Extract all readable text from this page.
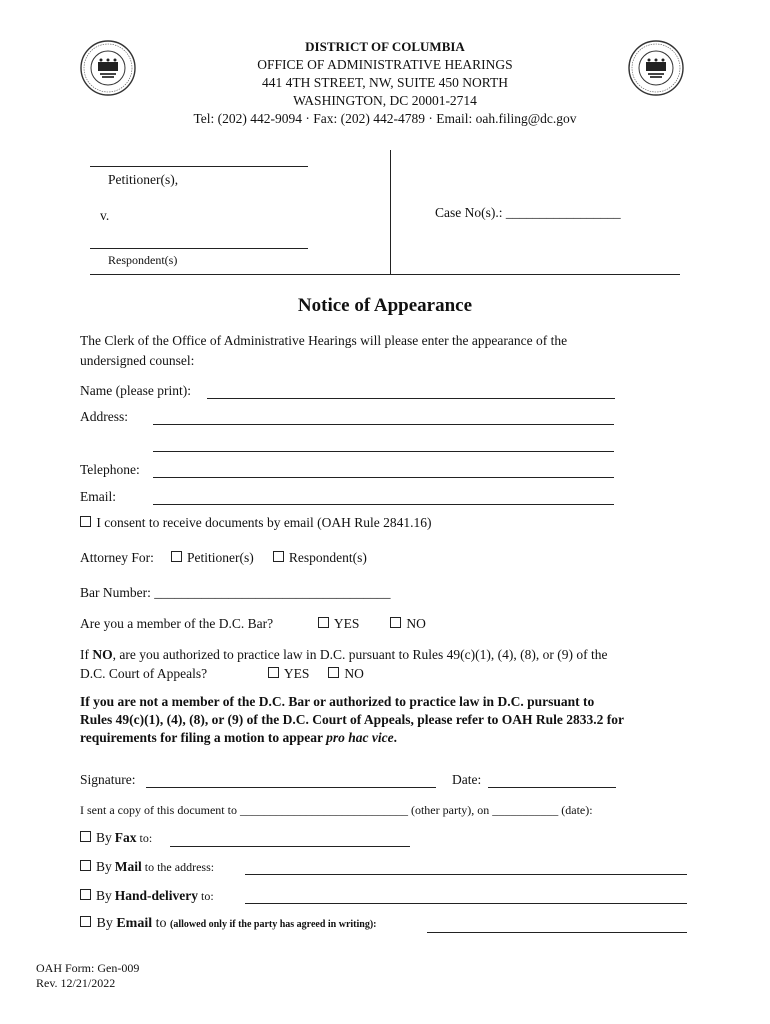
DISTRICT OF COLUMBIA
OFFICE OF ADMINISTRATIVE HEARINGS
441 4TH STREET, NW, SUITE 450 NORTH
WASHINGTON, DC 20001-2714
Tel: (202) 442-9094 · Fax: (202) 442-4789 · Email: oah.filing@dc.gov
Petitioner(s),
v.
Respondent(s)
Case No(s).: _________________
Notice of Appearance
The Clerk of the Office of Administrative Hearings will please enter the appearance of the
undersigned counsel:
Name (please print):
Address:
Telephone:
Email:
I consent to receive documents by email (OAH Rule 2841.16)
Attorney For: Petitioner(s)	Respondent(s)
Bar Number: ___________________________________
Are you a member of the D.C. Bar?	YES	NO
If NO, are you authorized to practice law in D.C. pursuant to Rules 49(c)(1), (4), (8), or (9) of the
D.C. Court of Appeals?	YES	NO
If you are not a member of the D.C. Bar or authorized to practice law in D.C. pursuant to
Rules 49(c)(1), (4), (8), or (9) of the D.C. Court of Appeals, please refer to OAH Rule 2833.2 for
requirements for filing a motion to appear pro hac vice.
Signature:	Date:
I sent a copy of this document to ____________________________ (other party), on ___________ (date):
By Fax to:
By Mail to the address:
By Hand-delivery to:
By Email to (allowed only if the party has agreed in writing):
OAH Form: Gen-009
Rev. 12/21/2022
